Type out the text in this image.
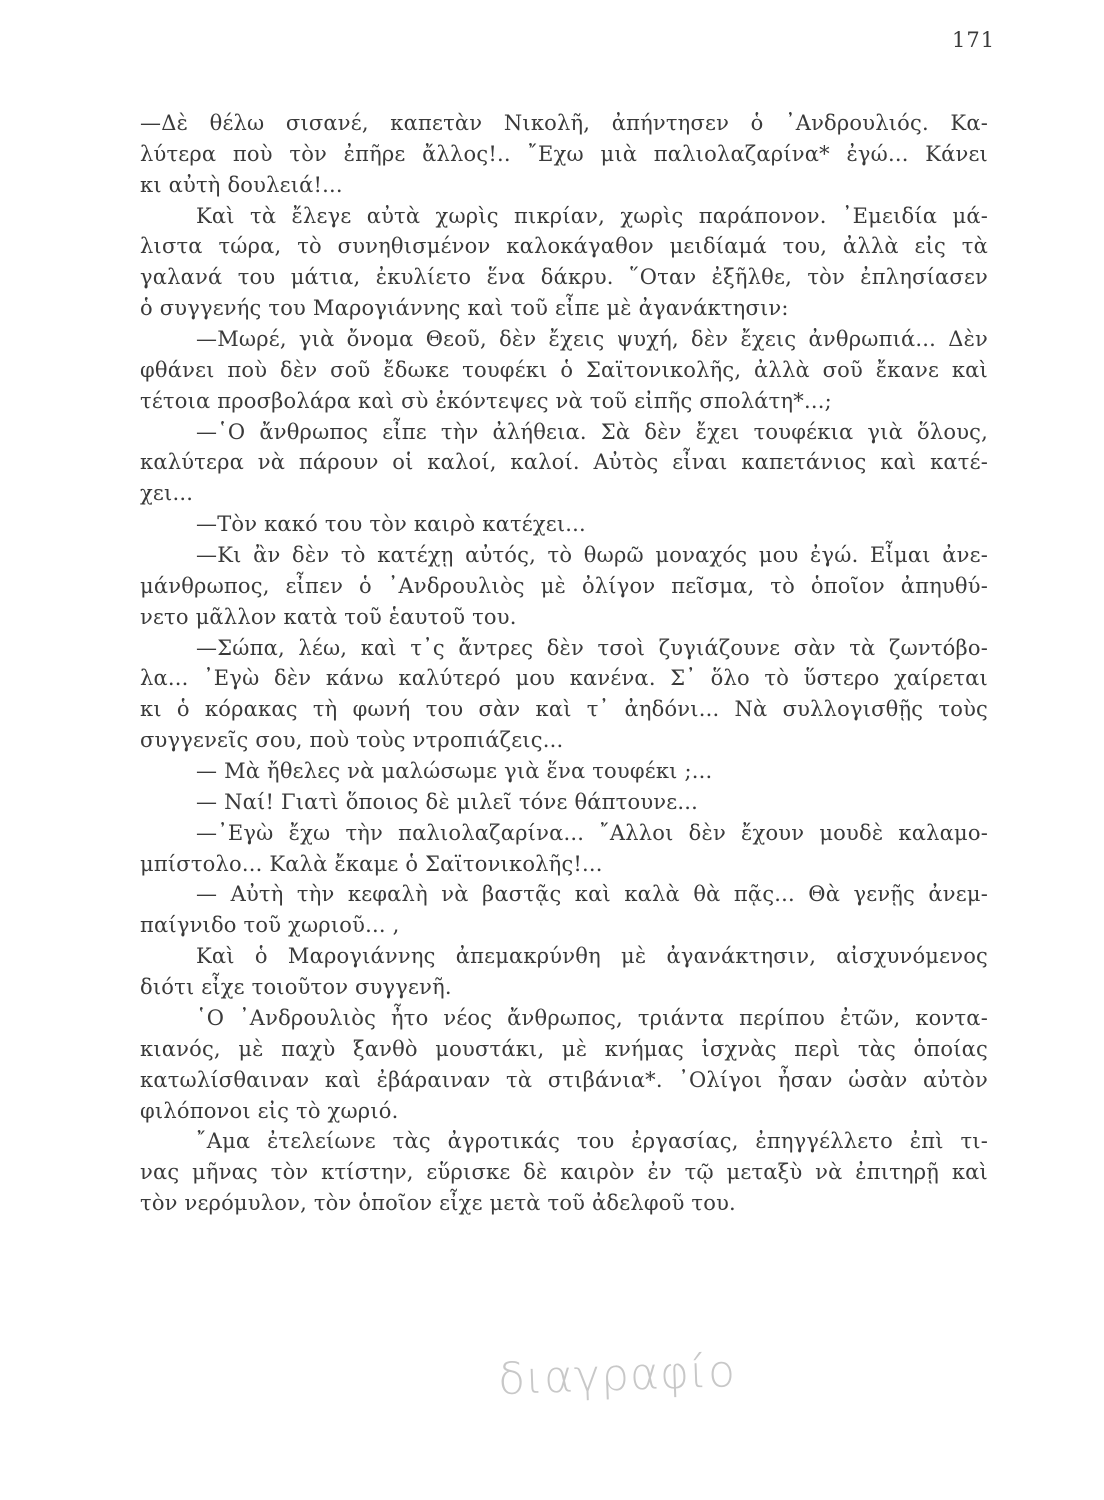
171
—Δὲ θέλω σισανέ, καπετὰν Νικολῆ, ἀπήντησεν ὁ ᾿Ανδρουλιός. Κα-
λύτερα ποὺ τὸν ἐπῆρε ἄλλος!.. ῎Εχω μιὰ παλιολαζαρίνα* ἐγώ... Κάνει
κι αὐτὴ δουλειά!...
Καὶ τὰ ἔλεγε αὐτὰ χωρὶς πικρίαν, χωρὶς παράπονον. ᾿Εμειδία μά-
λιστα τώρα, τὸ συνηθισμένον καλοκάγαθον μειδίαμά του, ἀλλὰ εἰς τὰ
γαλανά του μάτια, ἐκυλίετο ἕνα δάκρυ. ῞Οταν ἐξῆλθε, τὸν ἐπλησίασεν
ὁ συγγενής του Μαρογιάννης καὶ τοῦ εἶπε μὲ ἀγανάκτησιν:
—Μωρέ, γιὰ ὄνομα Θεοῦ, δὲν ἔχεις ψυχή, δὲν ἔχεις ἀνθρωπιά... Δὲν
φθάνει ποὺ δὲν σοῦ ἔδωκε τουφέκι ὁ Σαϊτονικολῆς, ἀλλὰ σοῦ ἔκανε καὶ
τέτοια προσβολάρα καὶ σὺ ἐκόντεψες νὰ τοῦ εἰπῆς σπολάτη*...;
—῾Ο ἄνθρωπος εἶπε τὴν ἀλήθεια. Σὰ δὲν ἔχει τουφέκια γιὰ ὅλους,
καλύτερα νὰ πάρουν οἱ καλοί, καλοί. Αὐτὸς εἶναι καπετάνιος καὶ κατέ-
χει...
—Τὸν κακό του τὸν καιρὸ κατέχει...
—Κι ἂν δὲν τὸ κατέχῃ αὐτός, τὸ θωρῶ μοναχός μου ἐγώ. Εἶμαι ἀνε-
μάνθρωπος, εἶπεν ὁ ᾿Ανδρουλιὸς μὲ ὀλίγον πεῖσμα, τὸ ὁποῖον ἀπηυθύ-
νετο μᾶλλον κατὰ τοῦ ἑαυτοῦ του.
—Σώπα, λέω, καὶ τ᾿ς ἄντρες δὲν τσοὶ ζυγιάζουνε σὰν τὰ ζωντόβο-
λα... ᾿Εγὼ δὲν κάνω καλύτερό μου κανένα. Σ᾿ ὅλο τὸ ὕστερο χαίρεται
κι ὁ κόρακας τὴ φωνή του σὰν καὶ τ᾿ ἀηδόνι... Νὰ συλλογισθῇς τοὺς
συγγενεῖς σου, ποὺ τοὺς ντροπιάζεις...
— Μὰ ἤθελες νὰ μαλώσωμε γιὰ ἕνα τουφέκι ;...
— Ναί! Γιατὶ ὅποιος δὲ μιλεῖ τόνε θάπτουνε...
—᾿Εγὼ ἔχω τὴν παλιολαζαρίνα... ῎Αλλοι δὲν ἔχουν μουδὲ καλαμο-
μπίστολο... Καλὰ ἔκαμε ὁ Σαϊτονικολῆς!...
— Αὐτὴ τὴν κεφαλὴ νὰ βαστᾷς καὶ καλὰ θὰ πᾷς... Θὰ γενῇς ἀνεμ-
παίγνιδο τοῦ χωριοῦ... ,
Καὶ ὁ Μαρογιάννης ἀπεμακρύνθη μὲ ἀγανάκτησιν, αἰσχυνόμενος
διότι εἶχε τοιοῦτον συγγενῆ.
῾Ο ᾿Ανδρουλιὸς ἦτο νέος ἄνθρωπος, τριάντα περίπου ἐτῶν, κοντα-
κιανός, μὲ παχὺ ξανθὸ μουστάκι, μὲ κνήμας ἰσχνὰς περὶ τὰς ὁποίας
κατωλίσθαιναν καὶ ἐβάραιναν τὰ στιβάνια*. ᾿Ολίγοι ἦσαν ὡσὰν αὐτὸν
φιλόπονοι εἰς τὸ χωριό.
῎Αμα ἐτελείωνε τὰς ἀγροτικάς του ἐργασίας, ἐπηγγέλλετο ἐπὶ τι-
νας μῆνας τὸν κτίστην, εὕρισκε δὲ καιρὸν ἐν τῷ μεταξὺ νὰ ἐπιτηρῇ καὶ
τὸν νερόμυλον, τὸν ὁποῖον εἶχε μετὰ τοῦ ἀδελφοῦ του.
διαγραφίο
